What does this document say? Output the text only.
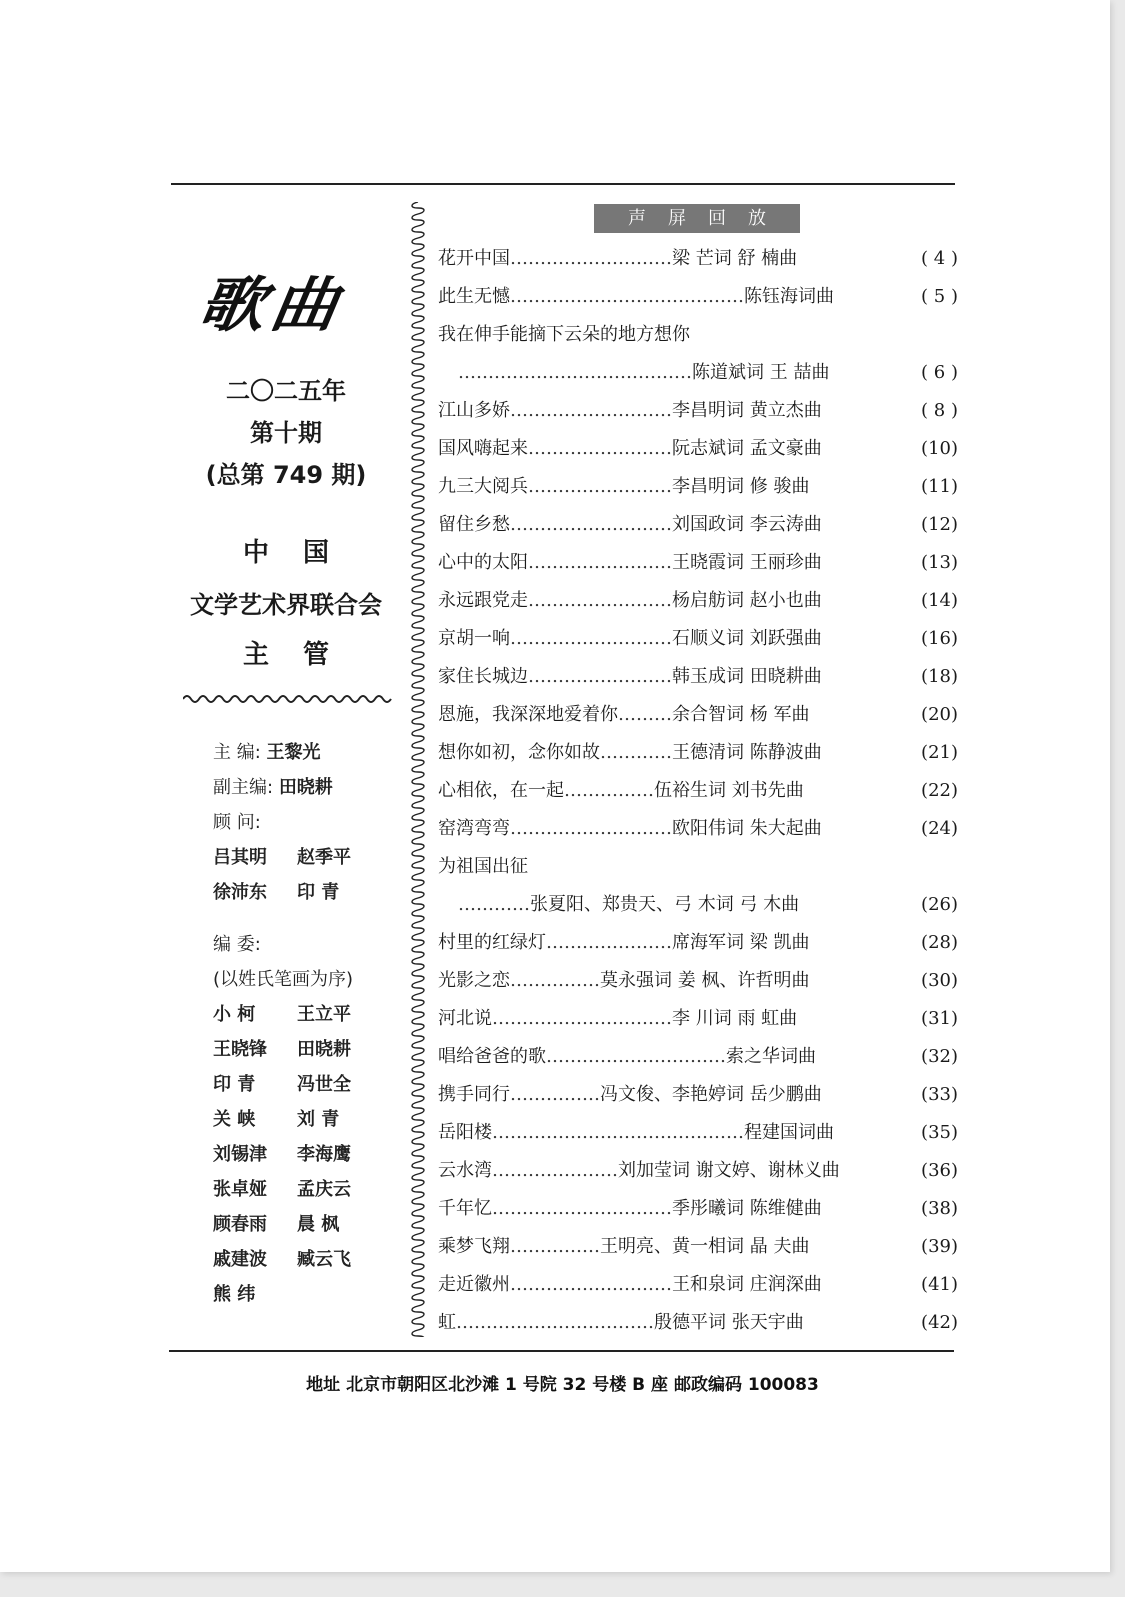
歌曲
二〇二五年
第十期
(总第 749 期)
中国
文学艺术界联合会
主管
主 编: 王黎光
副主编: 田晓耕
顾 问:
吕其明 赵季平
徐沛东 印 青
编 委:
(以姓氏笔画为序)
小 柯 王立平
王晓锋 田晓耕
印 青 冯世全
关 峡 刘 青
刘锡津 李海鹰
张卓娅 孟庆云
顾春雨 晨 枫
戚建波 臧云飞
熊 纬
声屏回放
花开中国………………………梁 芒词 舒 楠曲	( 4 )
此生无憾…………………………………陈钰海词曲	( 5 )
我在伸手能摘下云朵的地方想你
…………………………………陈道斌词 王 喆曲	( 6 )
江山多娇………………………李昌明词 黄立杰曲	( 8 )
国风嗨起来……………………阮志斌词 孟文豪曲	(10)
九三大阅兵……………………李昌明词 修 骏曲	(11)
留住乡愁………………………刘国政词 李云涛曲	(12)
心中的太阳……………………王晓霞词 王丽珍曲	(13)
永远跟党走……………………杨启舫词 赵小也曲	(14)
京胡一响………………………石顺义词 刘跃强曲	(16)
家住长城边……………………韩玉成词 田晓耕曲	(18)
恩施，我深深地爱着你………余合智词 杨 军曲	(20)
想你如初，念你如故…………王德清词 陈静波曲	(21)
心相依，在一起……………伍裕生词 刘书先曲	(22)
窑湾弯弯………………………欧阳伟词 朱大起曲	(24)
为祖国出征
…………张夏阳、郑贵天、弓 木词 弓 木曲	(26)
村里的红绿灯…………………席海军词 梁 凯曲	(28)
光影之恋……………莫永强词 姜 枫、许哲明曲	(30)
河北说…………………………李 川词 雨 虹曲	(31)
唱给爸爸的歌…………………………索之华词曲	(32)
携手同行……………冯文俊、李艳婷词 岳少鹏曲	(33)
岳阳楼……………………………………程建国词曲	(35)
云水湾…………………刘加莹词 谢文婷、谢林义曲	(36)
千年忆…………………………季彤曦词 陈维健曲	(38)
乘梦飞翔……………王明亮、黄一相词 晶 夫曲	(39)
走近徽州………………………王和泉词 庄润深曲	(41)
虹……………………………殷德平词 张天宇曲	(42)
地址 北京市朝阳区北沙滩 1 号院 32 号楼 B 座 邮政编码 100083
